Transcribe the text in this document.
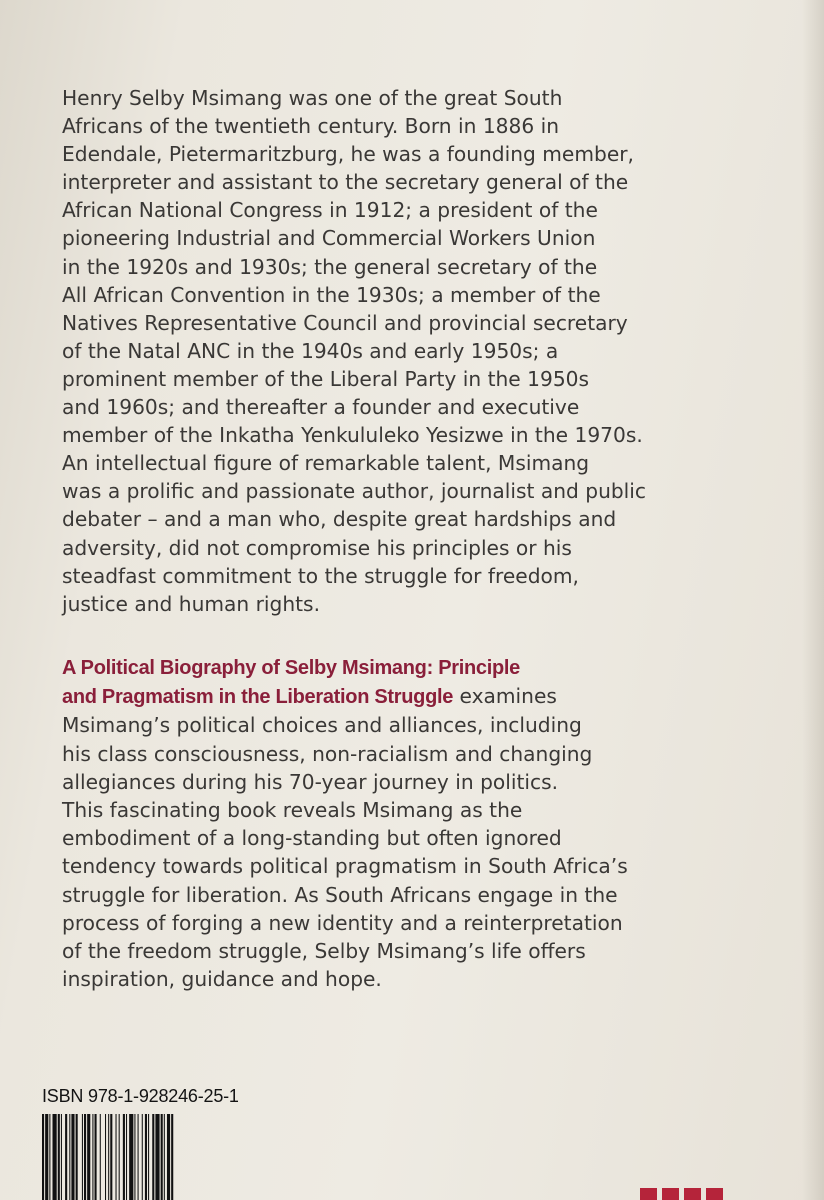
Henry Selby Msimang was one of the great South
Africans of the twentieth century. Born in 1886 in
Edendale, Pietermaritzburg, he was a founding member,
interpreter and assistant to the secretary general of the
African National Congress in 1912; a president of the
pioneering Industrial and Commercial Workers Union
in the 1920s and 1930s; the general secretary of the
All African Convention in the 1930s; a member of the
Natives Representative Council and provincial secretary
of the Natal ANC in the 1940s and early 1950s; a
prominent member of the Liberal Party in the 1950s
and 1960s; and thereafter a founder and executive
member of the Inkatha Yenkululeko Yesizwe in the 1970s.
An intellectual figure of remarkable talent, Msimang
was a prolific and passionate author, journalist and public
debater – and a man who, despite great hardships and
adversity, did not compromise his principles or his
steadfast commitment to the struggle for freedom,
justice and human rights.

A Political Biography of Selby Msimang: Principle
and Pragmatism in the Liberation Struggle examines
Msimang’s political choices and alliances, including
his class consciousness, non-racialism and changing
allegiances during his 70-year journey in politics.
This fascinating book reveals Msimang as the
embodiment of a long-standing but often ignored
tendency towards political pragmatism in South Africa’s
struggle for liberation. As South Africans engage in the
process of forging a new identity and a reinterpretation
of the freedom struggle, Selby Msimang’s life offers
inspiration, guidance and hope.

ISBN 978-1-928246-25-1
